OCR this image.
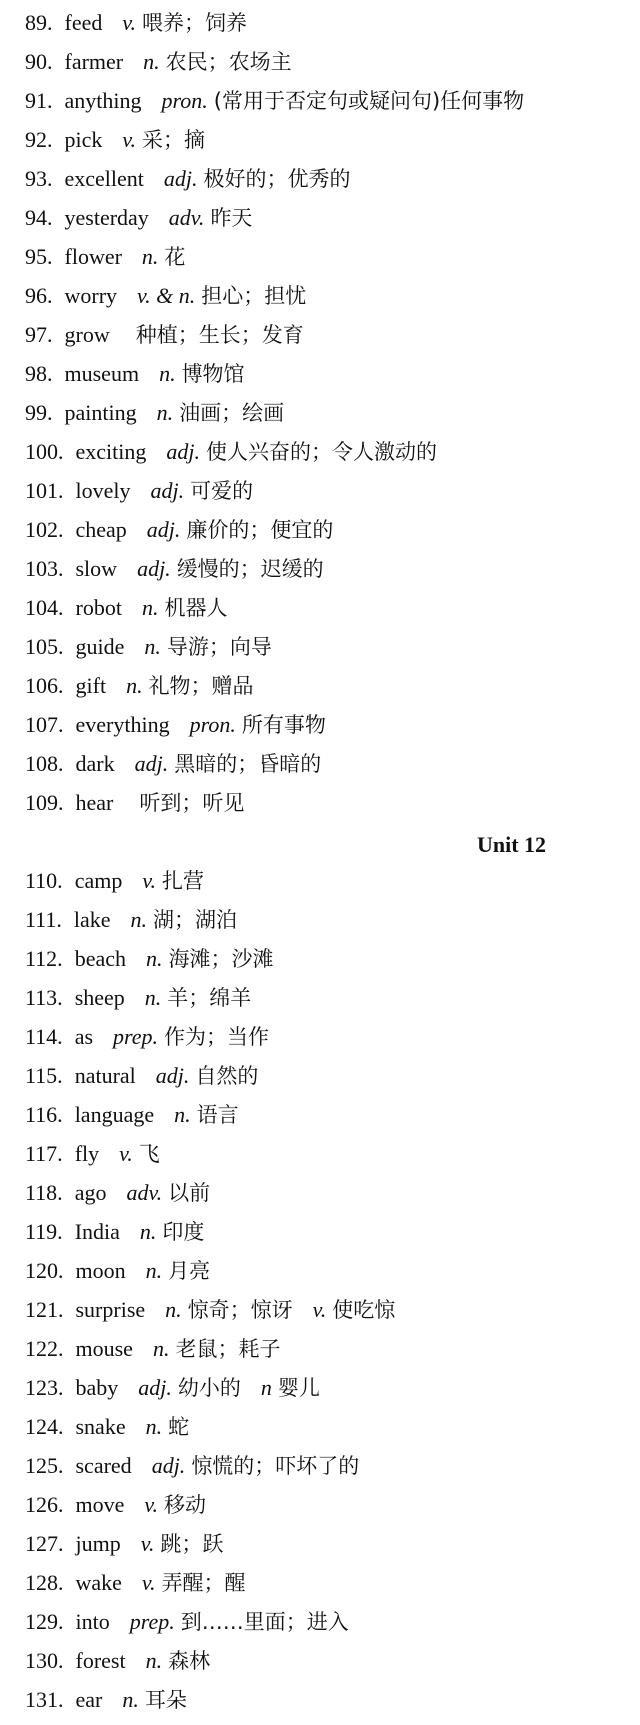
Unit 12
89. feed v. 喂养；饲养
90. farmer n. 农民；农场主
91. anything pron. (常用于否定句或疑问句)任何事物
92. pick v. 采；摘
93. excellent adj. 极好的；优秀的
94. yesterday adv. 昨天
95. flower n. 花
96. worry v. & n. 担心；担忧
97. grow 种植；生长；发育
98. museum n. 博物馆
99. painting n. 油画；绘画
100. exciting adj. 使人兴奋的；令人激动的
101. lovely adj. 可爱的
102. cheap adj. 廉价的；便宜的
103. slow adj. 缓慢的；迟缓的
104. robot n. 机器人
105. guide n. 导游；向导
106. gift n. 礼物；赠品
107. everything pron. 所有事物
108. dark adj. 黑暗的；昏暗的
109. hear 听到；听见
110. camp v. 扎营
111. lake n. 湖；湖泊
112. beach n. 海滩；沙滩
113. sheep n. 羊；绵羊
114. as prep. 作为；当作
115. natural adj. 自然的
116. language n. 语言
117. fly v. 飞
118. ago adv. 以前
119. India n. 印度
120. moon n. 月亮
121. surprise n. 惊奇；惊讶 v. 使吃惊
122. mouse n. 老鼠；耗子
123. baby adj. 幼小的 n 婴儿
124. snake n. 蛇
125. scared adj. 惊慌的；吓坏了的
126. move v. 移动
127. jump v. 跳；跃
128. wake v. 弄醒；醒
129. into prep. 到……里面；进入
130. forest n. 森林
131. ear n. 耳朵
